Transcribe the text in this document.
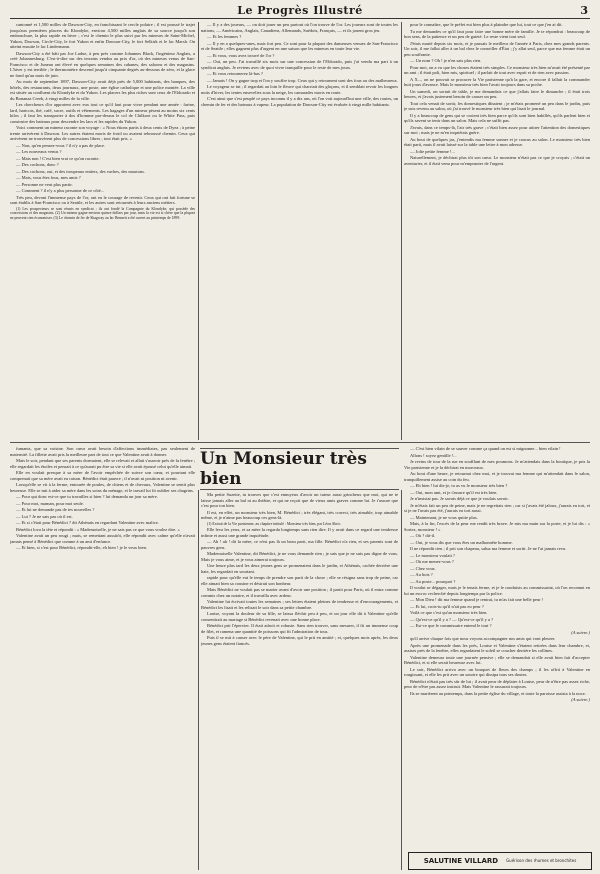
Le Progrès Illustré	3

cantonné et 1,500 milles de Dawson-City, en franchissant le cercle polaire ; il est poussé le trajet jusqu'aux premières placers du Klondyke, environ 4,500 milles anglais de sa source jusqu'à son embouchure, la plus rapide en hiver ; c'est le chemin le plus suivi par les mineurs de Saint-Michel, Yukon, Dawson, Circle-City, le fort Yukon et enfin Dawson-City, le fort Selkirk et le lac Marsh. On atteint ensuite le lac Lindermann.

Dawson-City a été bâti par Joe Ladue, à peu près comme Johannes Black, l'ingénieur Anglais, a créé Johannesburg. C'est-à-dire sur des terrains vendus au prix d'or, où des mineurs venus de San-Francisco et de Juneau ont élevé en quelques semaines des cabanes, des saloons et des magasins. L'hiver y est terrible ; le thermomètre descend jusqu'à cinquante degrés au-dessous de zéro, et la glace ne fond qu'au mois de juin.

Au mois de septembre 1897, Dawson-City avait déjà près de 5,000 habitants, des banques, des hôtels, des restaurants, deux journaux, une poste, une église catholique et une police montée. La ville est située au confluent du Klondyke et du Yukon. Les placers les plus riches sont ceux de l'Eldorado et du Bonanza Creek, à vingt milles de la ville.

Les chercheurs d'or apportent avec eux tout ce qu'il faut pour vivre pendant une année : farine, lard, haricots, thé, café, sucre, outils et vêtements. Les bagages d'un mineur pèsent au moins six cents kilos ; il faut les transporter à dos d'homme par-dessus le col de Chilkoot ou le White Pass, puis construire des bateaux pour descendre les lacs et les rapides du Yukon.

Voici comment un mineur raconte son voyage : « Nous étions partis à deux cents de Dyea ; à peine trente arrivèrent à Dawson. Les autres étaient morts de froid ou avaient rebroussé chemin. Ceux qui arrivèrent ne trouvèrent plus de concessions libres ; tout était pris. »

— Non, qu'en pensez-vous ? il n'y a pas de place.

— Les nouveaux venus ?

— Mais non ! C'est bien vrai ce qu'on raconte.

— Des cochons, donc ?

— Des cochons, oui, et des troupeaux entiers, des vaches, des moutons.

— Mais, vous êtes fous, mes amis ?

— Personne ne veut plus partir.

— Comment ? il n'y a plus personne de ce côté...

Très peu, devant l'immense pays de l'or, ont eu le courage de revenir. Ceux qui ont fait fortune se sont établis à San-Francisco ou à Seattle, et les autres sont retournés à leurs anciens métiers.

(1) Les prospecteurs se sont réunis en syndicat ; ils ont fondé la Compagnie du Klondyke, qui possède des concessions et des magasins. (2) Un mineur gagne environ quinze dollars par jour, mais la vie est si chère que la plupart ne peuvent rien économiser. (3) Le chemin de fer de Skagway au lac Bennett a été ouvert au printemps de 1899.

— Il y a des joueurs, — on doit jouer un peu partout où l'on trouve de l'or. Les joueurs sont de toutes les nations, — Américains, Anglais, Canadiens, Allemands, Suédois, Français, — et ils jouent gros jeu.

— Et les femmes ?

— Il y en a quelques-unes, mais fort peu. Ce sont pour la plupart des danseuses venues de San-Francisco et de Seattle ; elles gagnent plus d'argent en une saison que les mineurs en toute leur vie.

— Et vous, vous avez trouvé de l'or ?

— Oui, un peu. J'ai travaillé six mois sur une concession de l'Eldorado, puis j'ai vendu ma part à un syndicat anglais. Je reviens avec de quoi vivre tranquille pour le reste de mes jours.

— Et vous retournerez là-bas ?

— Jamais ! On y gagne trop et l'on y souffre trop. Ceux qui y retournent sont des fous ou des malheureux.

Le voyageur se tut ; il regardait au loin le fleuve qui charriait des glaçons, et il semblait revoir les longues nuits d'hiver, les tentes ensevelies sous la neige, les camarades morts en route.

C'est ainsi que s'est peuplé ce pays inconnu il y a dix ans, où l'on voit aujourd'hui une ville, des routes, un chemin de fer et des bateaux à vapeur. La population de Dawson-City est évaluée à vingt mille habitants.

Un Monsieur très bien

pour le connaître, que le préfet eut bien plus à plaindre que lui, tout ce que j'en ai dit.

Tu me demandes ce qu'il faut pour faire une bonne mère de famille. Je te répondrai : beaucoup de bon sens, de la patience et un peu de gaieté. Le reste vient tout seul.

J'étais marié depuis six mois, et je passais le meilleur de l'année à Paris, chez mes grands parents. Un soir, il me fallut aller à un bal chez le conseiller d'État ; j'y allai seul, parce que ma femme était un peu souffrante.

— Un nom ? Oh ! je n'en sais plus rien.

Pour moi, on a vu que les choses étaient très simples. Ce monsieur très bien m'avait été présenté par un ami ; il était poli, bien mis, spirituel ; il parlait de tout avec esprit et de rien avec passion.

A X..., on ne pouvait se procurer la Vie parisienne qu'à la gare, et encore il fallait la commander huit jours d'avance. Mais le monsieur très bien l'avait toujours dans sa poche.

Un samedi, on sortait de table, je me demandais ce que j'allais faire le dimanche ; il était trois heures, et j'avais justement besoin de causer un peu.

Tout cela venait de sortir, les domestiques dînaient ; je m'étais promené un peu dans le jardin, puis je suis revenu au salon, où j'ai trouvé le monsieur très bien qui lisait le journal.

Il y a beaucoup de gens qui se croient très bien parce qu'ils sont bien habillés, qu'ils parlent bien et qu'ils savent se tenir dans un salon. Mais cela ne suffit pas.

J'avais, dans ce temps-là, l'air très grave ; c'était bien assez pour attirer l'attention des domestiques sur moi ; mais je ne m'en inquiétais guère.

Au bout de quelques jas, j'entendis ma femme sonner et je courus au salon. Le monsieur très bien était parti, mais il avait laissé sur la table une lettre à mon adresse.

— Jolie petite femme !...

Naturellement, je déchirai plus tôt son cœur. Le monsieur n'était pas ce que je croyais ; c'était un aventurier, et il était venu pour m'emprunter de l'argent.

fumants, que sa voisine. Son cœur avait besoin d'affections immédiates, pas seulement de maternité. La fillette avait pris la meilleure part de tout ce que Valentine avait à donner.

Mais le soir, pendant que ses parents dormaient, elle se relevait et allait s'asseoir près de la fenêtre ; elle regardait les étoiles et pensait à ce qu'aurait pu être sa vie si elle avait épousé celui qu'elle aimait.

Elle en voulait presque à sa mère de l'avoir empêchée de suivre son cœur, et pourtant elle comprenait que sa mère avait eu raison. Bénédict était pauvre ; il n'avait ni position ni avenir.

Lorsqu'elle se vit à la ferme, entourée de poules, de chiens et de chevaux, Valentine se sentit plus heureuse. Elle se mit à aider sa mère dans les soins du ménage, et le travail lui fit oublier ses chagrins.

— Pour qui donc est-ce que tu travailles si bien ? lui demanda un jour sa mère.

— Pour moi, maman, pour moi seule.

— Et lui ne demande pas de tes nouvelles ?

— Lui ? Je ne sais pas où il est.

— Et si c'était pour Bénédict ? dit Athénaïs en regardant Valentine avec malice.

Bénédict lova la tête et répondit : « Mademoiselle, je ne sais pas ce que vous voulez dire. »

Valentine avait un peu rougi ; mais, se remettant aussitôt, elle répondit avec calme qu'elle n'avait jamais pensé à Bénédict que comme à un ami d'enfance.

— Et bien, si c'est pour Bénédict, répondit-elle, eh bien ! je le veux bien.

Ma petite Suzette, tu trouves que c'est ennuyeux d'avoir un tuteur aussi grincheux que moi, qui ne te laisse jamais aller au bal ni au théâtre, et qui ne reçoit que de vieux amis graves comme lui. Je t'assure que c'est pour ton bien.

Il est, en effet, un monsieur très bien, M. Bénédict ; très élégant, très correct, très aimable, trop aimable même, et je n'aime pas beaucoup ces gens-là.

(1) Extrait de la Vie parisienne, au chapitre intitulé : Monsieur très bien, par Léon Abric.

Elle leva les yeux, et sa mère la regarda longtemps sans rien dire. Il y avait dans ce regard une tendresse infinie et aussi une grande inquiétude.

— Ah ! ah ! dit la mère, ce n'est pas là un beau parti, ma fille. Bénédict n'a rien, et ses parents sont de pauvres gens.

Mademoiselle Valentine, dit Bénédict, je ne vous demande rien ; je sais que je ne suis pas digne de vous. Mais je vous aime, et je vous aimerai toujours.

Une heure plus tard les deux jeunes gens se promenaient dans le jardin, et Athénaïs, cachée derrière une haie, les regardait en souriant.

rapide pour qu'elle eut le temps de prendre son parti de la chose ; elle se résigna sans trop de peine, car elle aimait bien sa cousine et désirait son bonheur.

Mais Bénédict ne voulait pas se marier avant d'avoir une position ; il partit pour Paris, où il entra comme commis chez un notaire, et il travailla avec ardeur.

Valentine lui écrivait toutes les semaines ; ses lettres étaient pleines de tendresse et d'encouragements, et Bénédict les lisait et les relisait le soir dans sa petite chambre.

Louise, voyant la douleur de sa fille, se laissa fléchir peu à peu, et un jour elle dit à Valentine qu'elle consentirait au mariage si Bénédict revenait avec une bonne place.

Bénédict prit l'épervier. Il était adroit et robuste. Sans rien trouver, sans mesurer, il fit un immense coup de filet, et ramena une quantité de poissons qui fit l'admiration de tous.

Puis il se mit à causer avec le père de Valentine, qui le prit en amitié ; et, quelques mois après, les deux jeunes gens étaient fiancés.

— C'est bien vilain de se sauver comme ça quand on est si mignonne... bien vilain !

Allons ! soyez gentille !...

Je revins de tour de la rue en soufflant de mes poumons. Je m'attendais dans la boutique, je pris la Vie parisienne et je la déchirai en morceaux.

Au bout d'une heure, je retournai chez moi, et je trouvai ma femme qui m'attendait dans le salon, tranquillement assise au coin du feu.

— Eh bien ! lui dis-je, tu as vu le monsieur très bien ?

— Oui, mon ami, et je t'assure qu'il est très bien.

Je n'insistai pas. Je savais déjà ce que je voulais savoir.

Je m'étais fait un peu de peine, mais je ne regrettais rien ; car si j'avais été jaloux, j'aurais eu tort, et si je ne l'avais pas été, j'aurais eu tort aussi.

— Maintenant, je ne vous quitte plus.

Mais, à la fin, l'excès de la peur me rendit très brave. Je mis ma main sur la porte, et je lui dis : « Sortez, monsieur ! »

— Où ? dit-il.

— Oui, je vous dis que vous êtes un malhonnête homme.

Il ne répondit rien ; il prit son chapeau, salua ma femme et sortit. Je ne l'ai jamais revu.

— Le monsieur voulait ?

— Où me menez-vous ?

— Chez vous.

— Au bois ?

— Au poste... pourquoi ?

Il voulut se dégager, mais je le tenais ferme, et je le conduisis au commissariat, où l'on reconnut en lui un escroc recherché depuis longtemps par la police.

— Mon Dieu ! dit ma femme quand je rentrai, tu m'as fait une belle peur !

— Et lui, crois-tu qu'il n'ait pas eu peur ?

Voilà ce que c'est qu'un monsieur très bien.

— Qu'est-ce qu'il y a ? — Qu'est-ce qu'il y a ?

— Est-ce que le commissaire entend le tout ?

(A suivre.)

qu'il arrive chaque fois que nous voyons accompagner nos amis qui vont pleurer.

Après une promenade dans les prés, Louise et Valentine s'étaient retirées dans leur chambre, et, assises près de la fenêtre, elles regardaient le soleil se coucher derrière les collines.

Valentine demeura toute une journée pensive ; elle se demandait si elle avait bien fait d'accepter Bénédict, et si elle serait heureuse avec lui.

Le soir, Bénédict arriva avec un bouquet de fleurs des champs ; il les offrit à Valentine en rougissant, et elle les prit avec un sourire qui dissipa tous ses doutes.

Bénédict n'était pas très sûr de lui ; il avait peur de déplaire à Louise, peur de n'être pas assez riche, peur de n'être pas assez instruit. Mais Valentine le rassurait toujours.

Ils se marièrent au printemps, dans la petite église du village, et toute la paroisse assista à la noce.

(A suivre.)

SALUTINE VILLARD Guérison des rhumes et bronchites
